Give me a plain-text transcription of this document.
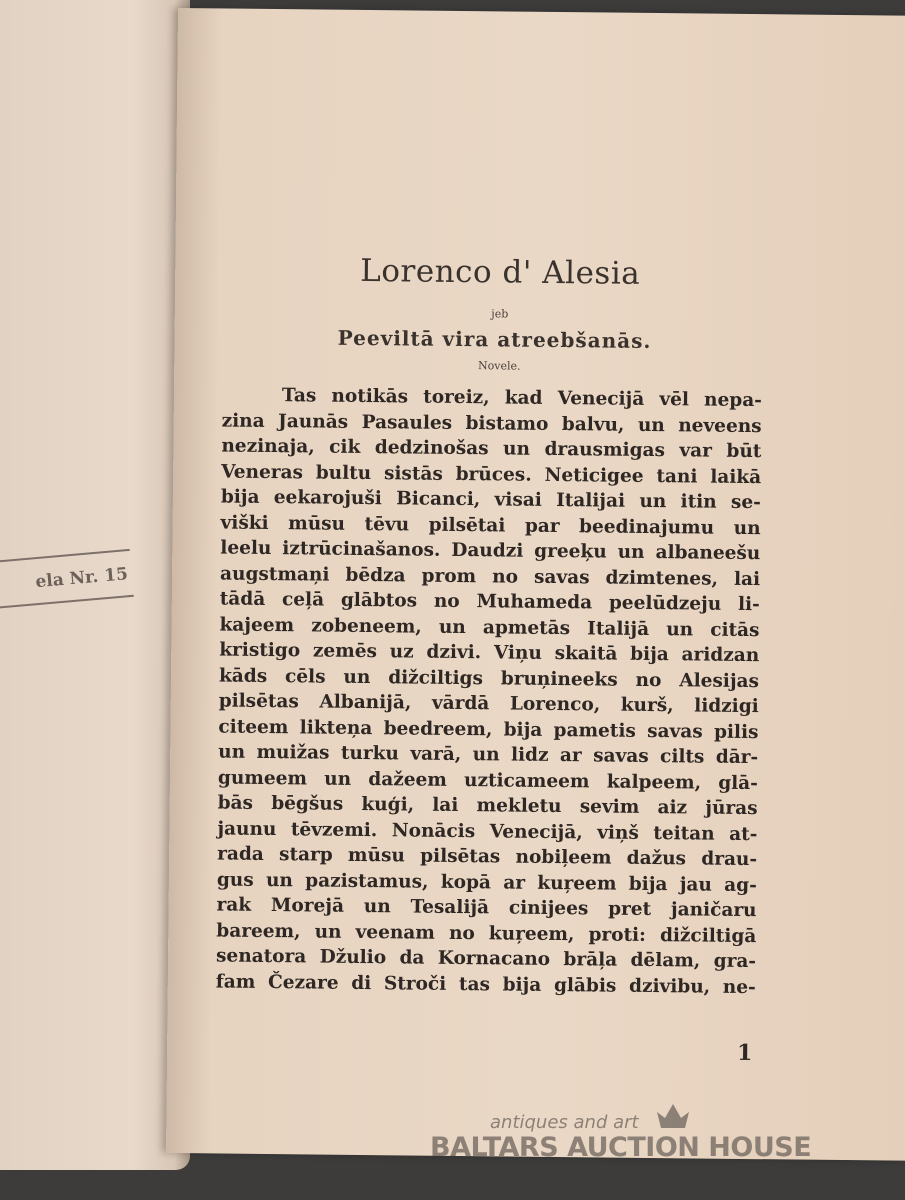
ela Nr. 15
Lorenco d' Alesia
jeb
Peeviltā vira atreebšanās.
Novele.
Tas notikās toreiz, kad Venecijā vēl nepa-
zina Jaunās Pasaules bistamo balvu, un neveens
nezinaja, cik dedzinošas un drausmigas var būt
Veneras bultu sistās brūces. Neticigee tani laikā
bija eekarojuši Bicanci, visai Italijai un itin se-
viški mūsu tēvu pilsētai par beedinajumu un
leelu iztrūcinašanos. Daudzi greeķu un albaneešu
augstmaņi bēdza prom no savas dzimtenes, lai
tādā ceļā glābtos no Muhameda peelūdzeju li-
kajeem zobeneem, un apmetās Italijā un citās
kristigo zemēs uz dzivi. Viņu skaitā bija aridzan
kāds cēls un dižciltigs bruņineeks no Alesijas
pilsētas Albanijā, vārdā Lorenco, kurš, lidzigi
citeem likteņa beedreem, bija pametis savas pilis
un muižas turku varā, un lidz ar savas cilts dār-
gumeem un dažeem uzticameem kalpeem, glā-
bās bēgšus kuģi, lai mekletu sevim aiz jūras
jaunu tēvzemi. Nonācis Venecijā, viņš teitan at-
rada starp mūsu pilsētas nobiļeem dažus drau-
gus un pazistamus, kopā ar kuŗeem bija jau ag-
rak Morejā un Tesalijā cinijees pret janičaru
bareem, un veenam no kuŗeem, proti: dižciltigā
senatora Džulio da Kornacano brāļa dēlam, gra-
fam Čezare di Stroči tas bija glābis dzivibu, ne-
1
antiques and art
BALTARS AUCTION HOUSE
